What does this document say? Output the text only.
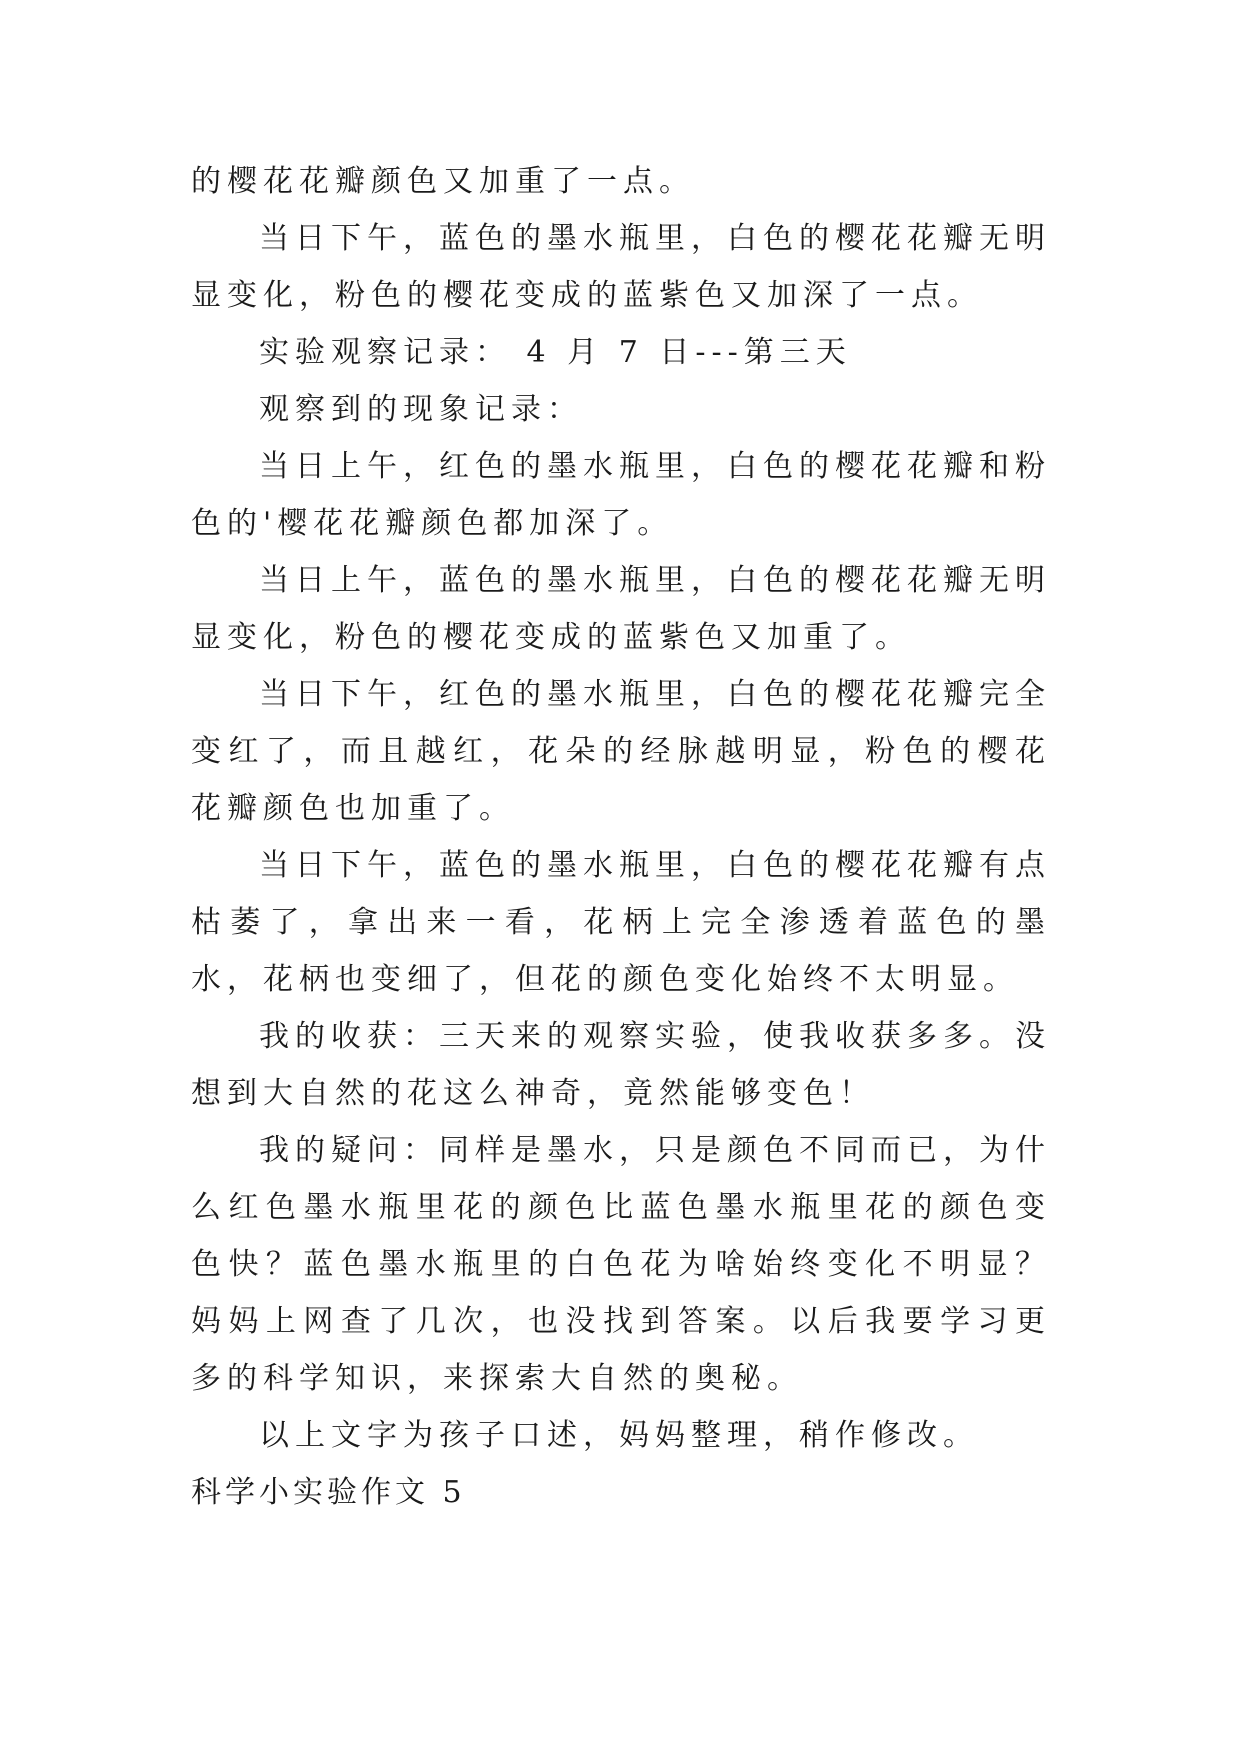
的樱花花瓣颜色又加重了一点。

当日下午，蓝色的墨水瓶里，白色的樱花花瓣无明显变化，粉色的樱花变成的蓝紫色又加深了一点。

实验观察记录： 4 月 7 日---第三天

观察到的现象记录：

当日上午，红色的墨水瓶里，白色的樱花花瓣和粉色的'樱花花瓣颜色都加深了。

当日上午，蓝色的墨水瓶里，白色的樱花花瓣无明显变化，粉色的樱花变成的蓝紫色又加重了。

当日下午，红色的墨水瓶里，白色的樱花花瓣完全变红了，而且越红，花朵的经脉越明显，粉色的樱花花瓣颜色也加重了。

当日下午，蓝色的墨水瓶里，白色的樱花花瓣有点枯萎了，拿出来一看，花柄上完全渗透着蓝色的墨水，花柄也变细了，但花的颜色变化始终不太明显。

我的收获：三天来的观察实验，使我收获多多。没想到大自然的花这么神奇，竟然能够变色！

我的疑问：同样是墨水，只是颜色不同而已，为什么红色墨水瓶里花的颜色比蓝色墨水瓶里花的颜色变色快？蓝色墨水瓶里的白色花为啥始终变化不明显？妈妈上网查了几次，也没找到答案。以后我要学习更多的科学知识，来探索大自然的奥秘。

以上文字为孩子口述，妈妈整理，稍作修改。

科学小实验作文 5
